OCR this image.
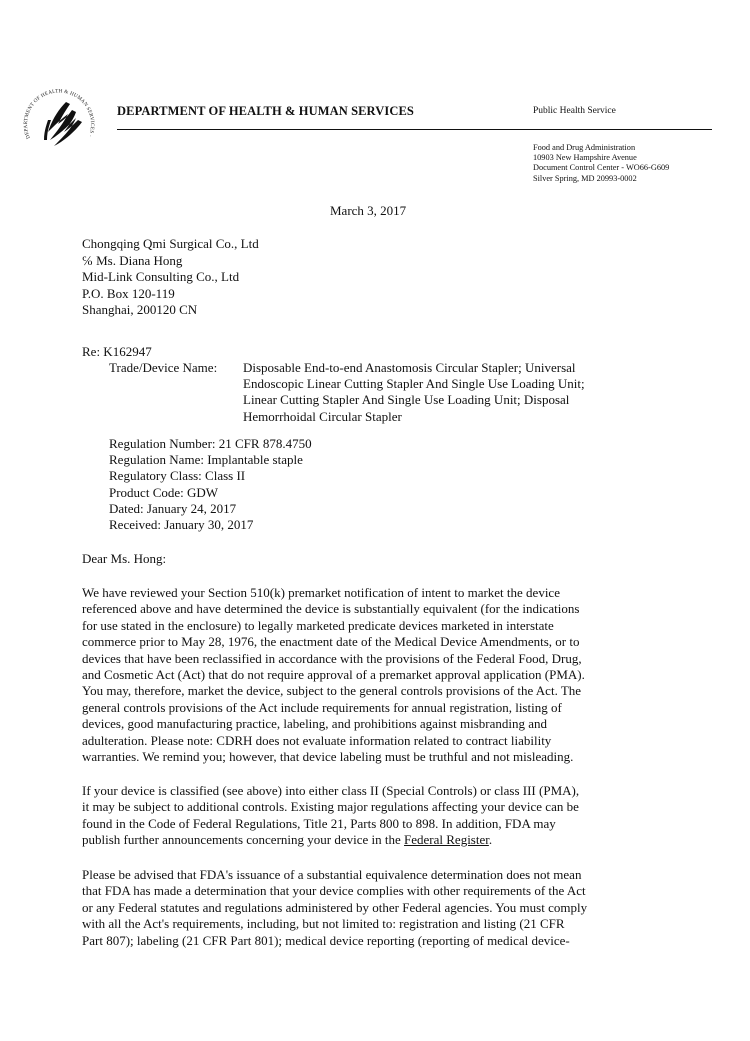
DEPARTMENT OF HEALTH & HUMAN SERVICES ·
DEPARTMENT OF HEALTH & HUMAN SERVICES	Public Health Service
Food and Drug Administration
10903 New Hampshire Avenue
Document Control Center - WO66-G609
Silver Spring, MD 20993-0002
March 3, 2017
Chongqing Qmi Surgical Co., Ltd
℅ Ms. Diana Hong
Mid-Link Consulting Co., Ltd
P.O. Box 120-119
Shanghai, 200120 CN
Re: K162947
Trade/Device Name: Disposable End-to-end Anastomosis Circular Stapler; Universal
Endoscopic Linear Cutting Stapler And Single Use Loading Unit;
Linear Cutting Stapler And Single Use Loading Unit; Disposal
Hemorrhoidal Circular Stapler
Regulation Number: 21 CFR 878.4750
Regulation Name: Implantable staple
Regulatory Class: Class II
Product Code: GDW
Dated: January 24, 2017
Received: January 30, 2017
Dear Ms. Hong:
We have reviewed your Section 510(k) premarket notification of intent to market the device
referenced above and have determined the device is substantially equivalent (for the indications
for use stated in the enclosure) to legally marketed predicate devices marketed in interstate
commerce prior to May 28, 1976, the enactment date of the Medical Device Amendments, or to
devices that have been reclassified in accordance with the provisions of the Federal Food, Drug,
and Cosmetic Act (Act) that do not require approval of a premarket approval application (PMA).
You may, therefore, market the device, subject to the general controls provisions of the Act. The
general controls provisions of the Act include requirements for annual registration, listing of
devices, good manufacturing practice, labeling, and prohibitions against misbranding and
adulteration. Please note: CDRH does not evaluate information related to contract liability
warranties. We remind you; however, that device labeling must be truthful and not misleading.
If your device is classified (see above) into either class II (Special Controls) or class III (PMA),
it may be subject to additional controls. Existing major regulations affecting your device can be
found in the Code of Federal Regulations, Title 21, Parts 800 to 898. In addition, FDA may
publish further announcements concerning your device in the Federal Register.
Please be advised that FDA's issuance of a substantial equivalence determination does not mean
that FDA has made a determination that your device complies with other requirements of the Act
or any Federal statutes and regulations administered by other Federal agencies. You must comply
with all the Act's requirements, including, but not limited to: registration and listing (21 CFR
Part 807); labeling (21 CFR Part 801); medical device reporting (reporting of medical device-
